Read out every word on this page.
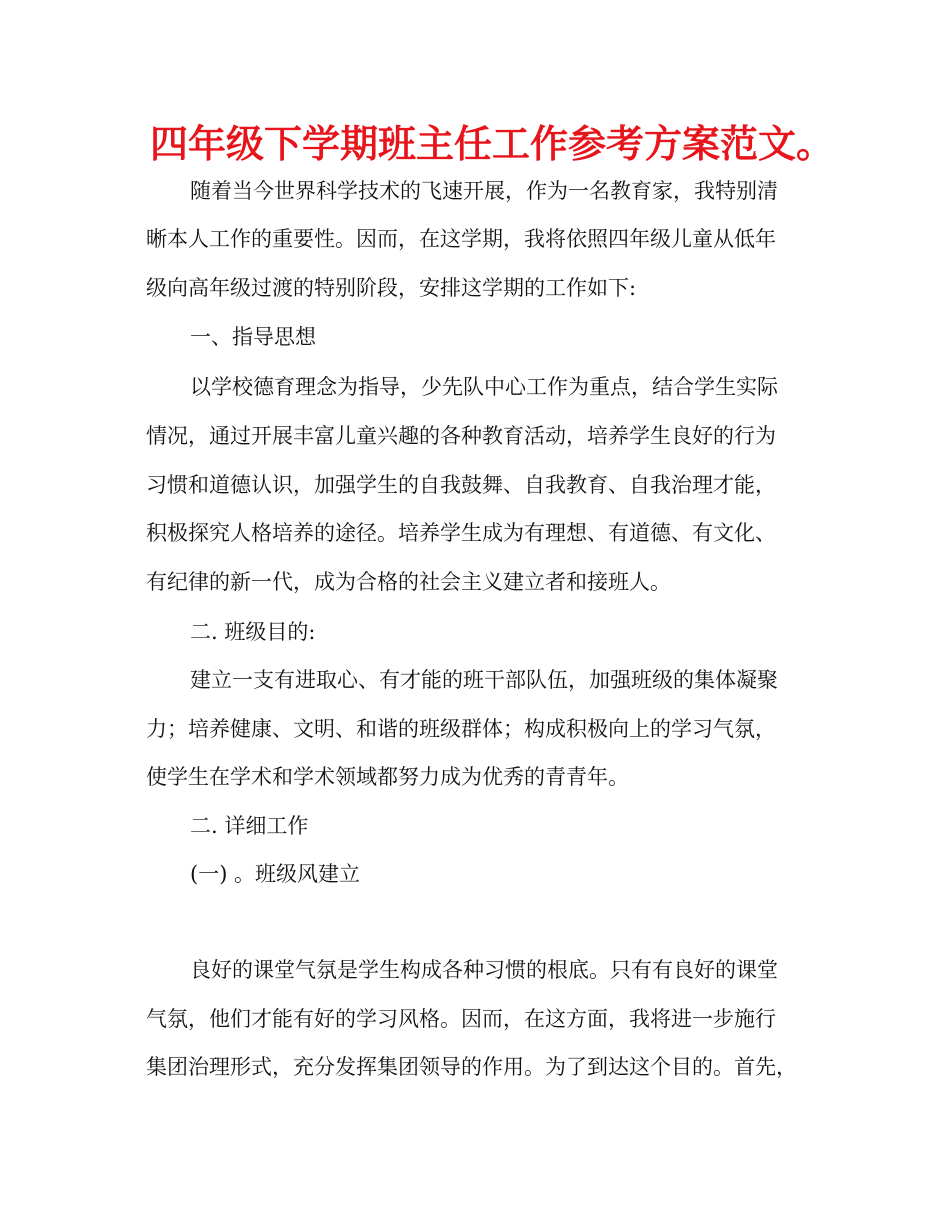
四年级下学期班主任工作参考方案范文。
随着当今世界科学技术的飞速开展，作为一名教育家，我特别清
晰本人工作的重要性。因而，在这学期，我将依照四年级儿童从低年
级向高年级过渡的特别阶段，安排这学期的工作如下:
一、指导思想
以学校德育理念为指导，少先队中心工作为重点，结合学生实际
情况，通过开展丰富儿童兴趣的各种教育活动，培养学生良好的行为
习惯和道德认识，加强学生的自我鼓舞、自我教育、自我治理才能，
积极探究人格培养的途径。培养学生成为有理想、有道德、有文化、
有纪律的新一代，成为合格的社会主义建立者和接班人。
二. 班级目的:
建立一支有进取心、有才能的班干部队伍，加强班级的集体凝聚
力；培养健康、文明、和谐的班级群体；构成积极向上的学习气氛，
使学生在学术和学术领域都努力成为优秀的青青年。
二. 详细工作
(一) 。班级风建立
良好的课堂气氛是学生构成各种习惯的根底。只有有良好的课堂
气氛，他们才能有好的学习风格。因而，在这方面，我将进一步施行
集团治理形式，充分发挥集团领导的作用。为了到达这个目的。首先，
